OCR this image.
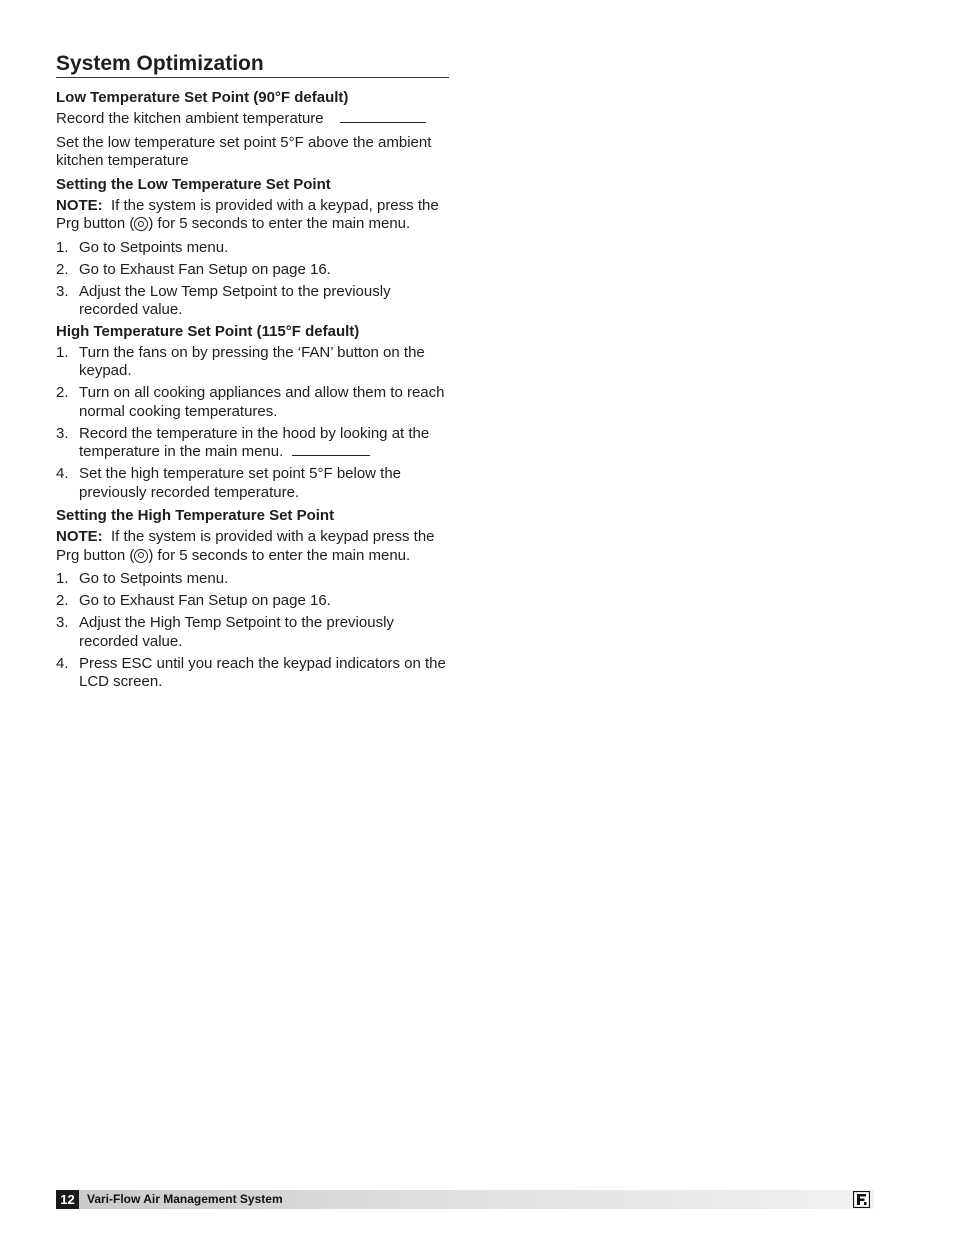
System Optimization
Low Temperature Set Point (90°F default)

Record the kitchen ambient temperature

Set the low temperature set point 5°F above the ambient kitchen temperature

Setting the Low Temperature Set Point

NOTE: If the system is provided with a keypad, press the Prg button ( ) for 5 seconds to enter the main menu.

1. Go to Setpoints menu.
2. Go to Exhaust Fan Setup on page 16.
3. Adjust the Low Temp Setpoint to the previously recorded value.
High Temperature Set Point (115°F default)
1. Turn the fans on by pressing the ‘FAN’ button on the keypad.
2. Turn on all cooking appliances and allow them to reach normal cooking temperatures.
3. Record the temperature in the hood by looking at the temperature in the main menu.
4. Set the high temperature set point 5°F below the previously recorded temperature.
Setting the High Temperature Set Point

NOTE: If the system is provided with a keypad press the Prg button ( ) for 5 seconds to enter the main menu.

1. Go to Setpoints menu.
2. Go to Exhaust Fan Setup on page 16.
3. Adjust the High Temp Setpoint to the previously recorded value.
4. Press ESC until you reach the keypad indicators on the LCD screen.
12	Vari-Flow Air Management System
